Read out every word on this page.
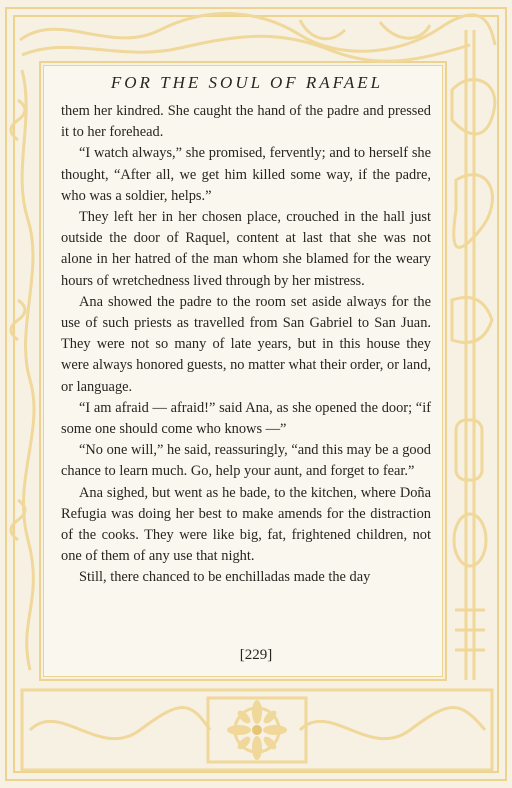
FOR THE SOUL OF RAFAEL

them her kindred. She caught the hand of the padre and pressed it to her forehead.

“I watch always,” she promised, fervently; and to herself she thought, “After all, we get him killed some way, if the padre, who was a soldier, helps.”

They left her in her chosen place, crouched in the hall just outside the door of Raquel, content at last that she was not alone in her hatred of the man whom she blamed for the weary hours of wretchedness lived through by her mistress.

Ana showed the padre to the room set aside always for the use of such priests as travelled from San Gabriel to San Juan. They were not so many of late years, but in this house they were always honored guests, no matter what their order, or land, or language.

“I am afraid — afraid!” said Ana, as she opened the door; “if some one should come who knows —”

“No one will,” he said, reassuringly, “and this may be a good chance to learn much. Go, help your aunt, and forget to fear.”

Ana sighed, but went as he bade, to the kitchen, where Doña Refugia was doing her best to make amends for the distraction of the cooks. They were like big, fat, frightened children, not one of them of any use that night.

Still, there chanced to be enchilladas made the day

[229]
